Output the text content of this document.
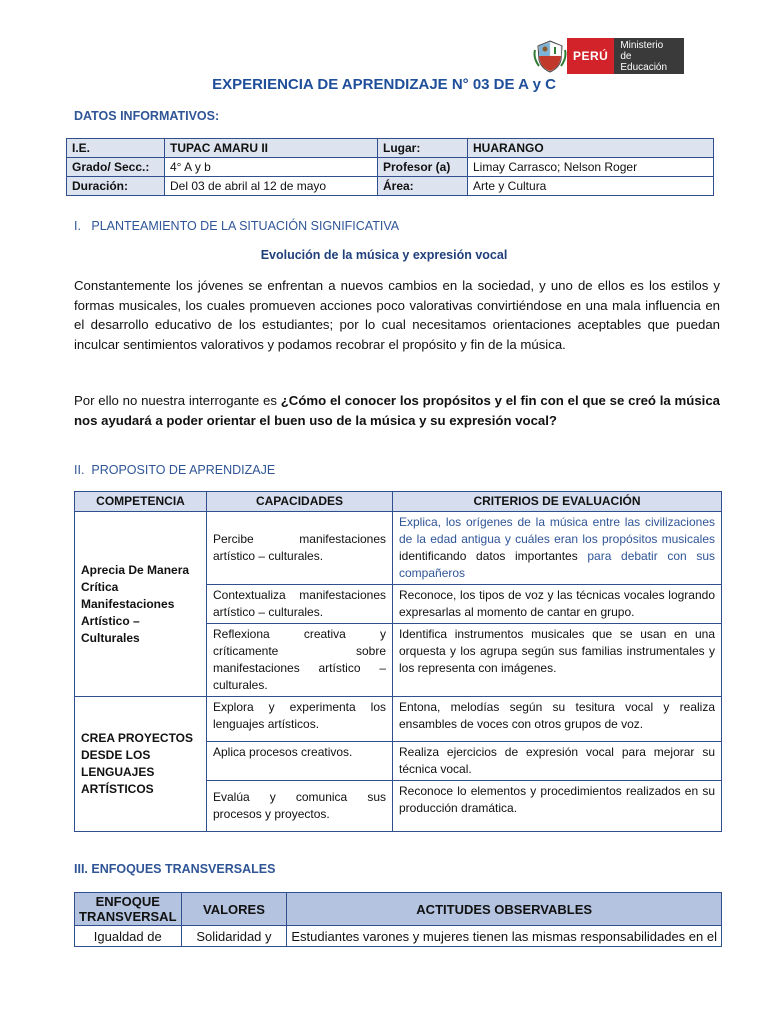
PERÚ
Ministerio
de Educación
EXPERIENCIA DE APRENDIZAJE N° 03 DE A y C
DATOS INFORMATIVOS:
I.E.	TUPAC AMARU II	Lugar:	HUARANGO
Grado/ Secc.:	4° A y b	Profesor (a)	Limay Carrasco; Nelson Roger
Duración:	Del 03 de abril al 12 de mayo	Área:	Arte y Cultura
I.   PLANTEAMIENTO DE LA SITUACIÓN SIGNIFICATIVA
Evolución de la música y expresión vocal
Constantemente los jóvenes se enfrentan a nuevos cambios en la sociedad, y uno de ellos es los estilos y formas musicales, los cuales promueven acciones poco valorativas convirtiéndose en una mala influencia en el desarrollo educativo de los estudiantes; por lo cual necesitamos orientaciones aceptables que puedan inculcar sentimientos valorativos y podamos recobrar el propósito y fin de la música.
Por ello no nuestra interrogante es ¿Cómo el conocer los propósitos y el fin con el que se creó la música nos ayudará a poder orientar el buen uso de la música y su expresión vocal?
II.  PROPOSITO DE APRENDIZAJE
COMPETENCIA	CAPACIDADES	CRITERIOS DE EVALUACIÓN
Aprecia De Manera Crítica Manifestaciones Artístico – Culturales	Percibe manifestaciones artístico – culturales.	Explica, los orígenes de la música entre las civilizaciones de la edad antigua y cuáles eran los propósitos musicales identificando datos importantes para debatir con sus compañeros
	Contextualiza manifestaciones artístico – culturales.	Reconoce, los tipos de voz y las técnicas vocales logrando expresarlas al momento de cantar en grupo.
	Reflexiona creativa y críticamente sobre manifestaciones artístico – culturales.	Identifica instrumentos musicales que se usan en una orquesta y los agrupa según sus familias instrumentales y los representa con imágenes.
CREA PROYECTOS DESDE LOS LENGUAJES ARTÍSTICOS	Explora y experimenta los lenguajes artísticos.	Entona, melodías según su tesitura vocal y realiza ensambles de voces con otros grupos de voz.
	Aplica procesos creativos.	Realiza ejercicios de expresión vocal para mejorar su técnica vocal.
	Evalúa y comunica sus procesos y proyectos.	Reconoce lo elementos y procedimientos realizados en su producción dramática.
III. ENFOQUES TRANSVERSALES
ENFOQUE TRANSVERSAL	VALORES	ACTITUDES OBSERVABLES
Igualdad de	Solidaridad y	Estudiantes varones y mujeres tienen las mismas responsabilidades en el
